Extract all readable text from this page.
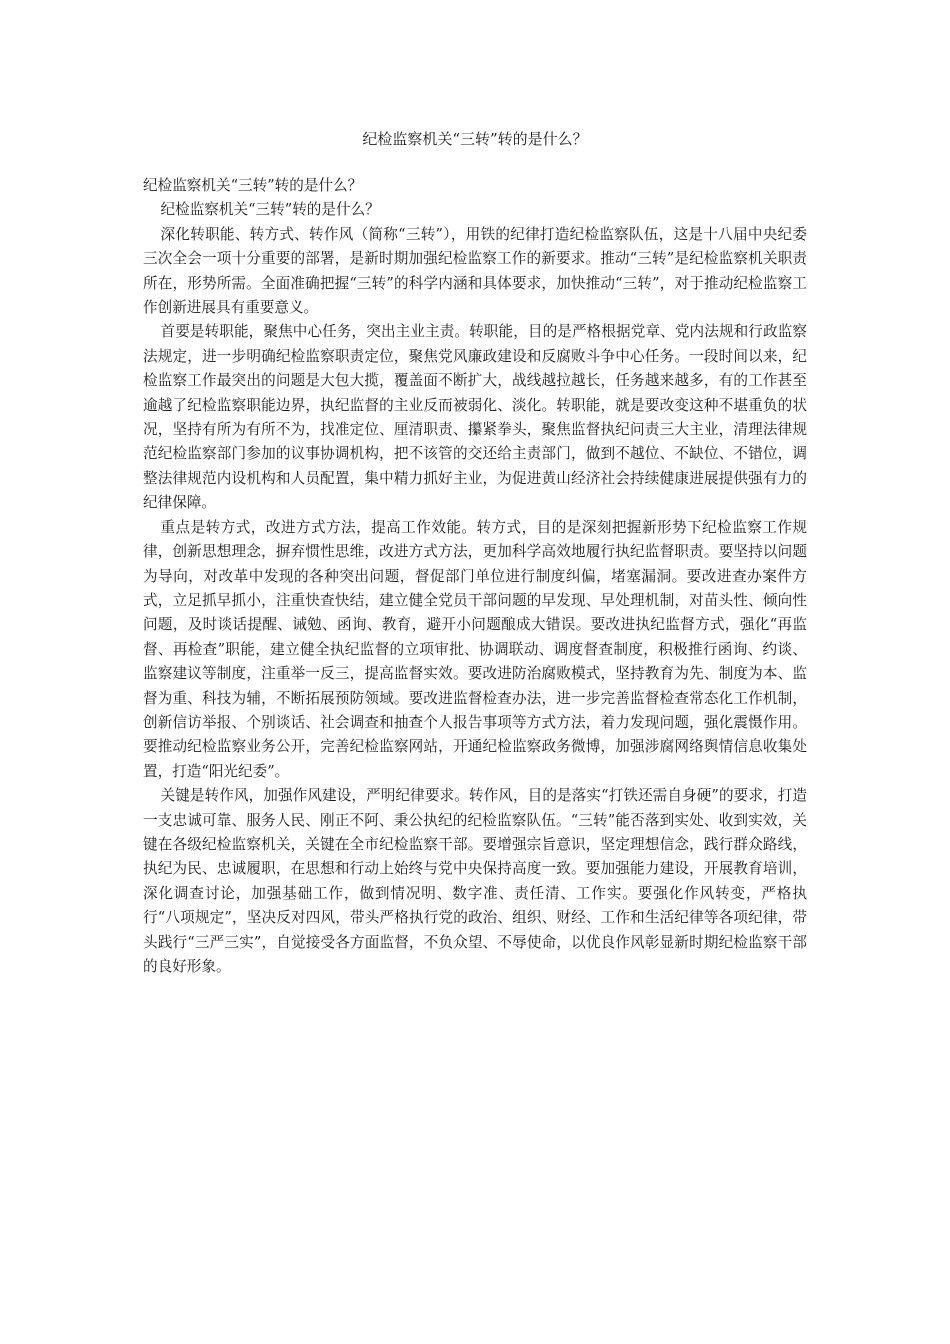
纪检监察机关“三转”转的是什么？

纪检监察机关“三转”转的是什么？

纪检监察机关“三转”转的是什么？

深化转职能、转方式、转作风（简称“三转”），用铁的纪律打造纪检监察队伍，这是十八届中央纪委三次全会一项十分重要的部署，是新时期加强纪检监察工作的新要求。推动“三转”是纪检监察机关职责所在，形势所需。全面准确把握“三转”的科学内涵和具体要求，加快推动“三转”，对于推动纪检监察工作创新进展具有重要意义。

首要是转职能，聚焦中心任务，突出主业主责。转职能，目的是严格根据党章、党内法规和行政监察法规定，进一步明确纪检监察职责定位，聚焦党风廉政建设和反腐败斗争中心任务。一段时间以来，纪检监察工作最突出的问题是大包大揽，覆盖面不断扩大，战线越拉越长，任务越来越多，有的工作甚至逾越了纪检监察职能边界，执纪监督的主业反而被弱化、淡化。转职能，就是要改变这种不堪重负的状况，坚持有所为有所不为，找准定位、厘清职责、攥紧拳头，聚焦监督执纪问责三大主业，清理法律规范纪检监察部门参加的议事协调机构，把不该管的交还给主责部门，做到不越位、不缺位、不错位，调整法律规范内设机构和人员配置，集中精力抓好主业，为促进黄山经济社会持续健康进展提供强有力的纪律保障。

重点是转方式，改进方式方法，提高工作效能。转方式，目的是深刻把握新形势下纪检监察工作规律，创新思想理念，摒弃惯性思维，改进方式方法，更加科学高效地履行执纪监督职责。要坚持以问题为导向，对改革中发现的各种突出问题，督促部门单位进行制度纠偏，堵塞漏洞。要改进查办案件方式，立足抓早抓小，注重快查快结，建立健全党员干部问题的早发现、早处理机制，对苗头性、倾向性问题，及时谈话提醒、诫勉、函询、教育，避开小问题酿成大错误。要改进执纪监督方式，强化“再监督、再检查”职能，建立健全执纪监督的立项审批、协调联动、调度督查制度，积极推行函询、约谈、监察建议等制度，注重举一反三，提高监督实效。要改进防治腐败模式，坚持教育为先、制度为本、监督为重、科技为辅，不断拓展预防领域。要改进监督检查办法，进一步完善监督检查常态化工作机制，创新信访举报、个别谈话、社会调查和抽查个人报告事项等方式方法，着力发现问题，强化震慑作用。要推动纪检监察业务公开，完善纪检监察网站，开通纪检监察政务微博，加强涉腐网络舆情信息收集处置，打造“阳光纪委”。

关键是转作风，加强作风建设，严明纪律要求。转作风，目的是落实“打铁还需自身硬”的要求，打造一支忠诚可靠、服务人民、刚正不阿、秉公执纪的纪检监察队伍。“三转”能否落到实处、收到实效，关键在各级纪检监察机关，关键在全市纪检监察干部。要增强宗旨意识，坚定理想信念，践行群众路线，执纪为民、忠诚履职，在思想和行动上始终与党中央保持高度一致。要加强能力建设，开展教育培训，深化调查讨论，加强基础工作，做到情况明、数字准、责任清、工作实。要强化作风转变，严格执行“八项规定”，坚决反对四风，带头严格执行党的政治、组织、财经、工作和生活纪律等各项纪律，带头践行“三严三实”，自觉接受各方面监督，不负众望、不辱使命，以优良作风彰显新时期纪检监察干部的良好形象。
